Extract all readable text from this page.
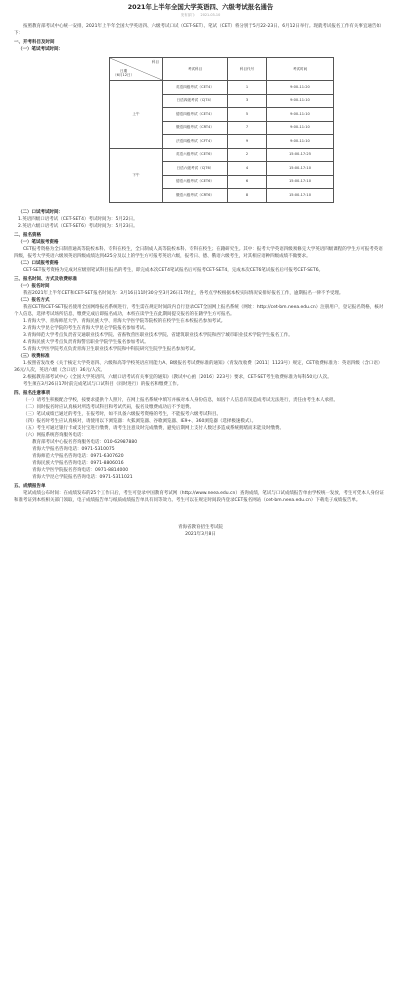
2021年上半年全国大学英语四、六级考试报名通告
发布部门: 2021-03-10

按照教育部考试中心统一安排，2021年上半年全国大学英语四、六级考试口试（CET-SET）、笔试（CET）将分别于5月22-23日、6月12日举行。现就考试报名工作有关事宜通告如下：

一、开考科目及时间

（一）笔试考试时间：

科目
日期
（6月12日）	考试科目	科目代号	考试时间
上午	英语四级考试（CET4）	1	9:00-11:20
	日语四级考试（CJT4）	3	9:00-11:10
	德语四级考试（CET4）	5	9:00-11:10
	俄语四级考试（CRT4）	7	9:00-11:10
	法语四级考试（CFT4）	9	9:00-11:10
下午	英语六级考试（CET6）	2	15:00-17:25
	日语六级考试（CJT6）	4	15:00-17:10
	德语六级考试（CET6）	6	15:00-17:10
	俄语六级考试（CRT6）	8	15:00-17:10

（二）口试考试时间：

1.英语四级口语考试（CET-SET4）考试时间为：5月22日。

2.英语六级口语考试（CET-SET6）考试时间为：5月23日。

二、报名资格

（一）笔试报考资格

CET报考资格为全日制普通高等院校本科、专科在校生，全日制成人高等院校本科、专科在校生；在籍研究生。其中：报考大学英语四级须修完大学英语四级课程的学生方可报考英语四级，报考大学英语六级须英语四级成绩达到425分及以上的学生方可报考英语六级，报考日、德、俄语六级考生，对其相应语种四级成绩不做要求。

（二）口试报考资格

CET-SET报考资格为完成对应级别笔试科目报名的考生，即完成本次CET4笔试报名后可报考CET-SET4，完成本次CET6笔试报名后可报考CET-SET6。

三、报名时间、方式及收费标准

（一）报名时间

我省2021年上半年CET和CET-SET报名时间为：3月16日11时30分至3月26日17时止，各考点学校根据本校实际情况安排好报名工作，逾期报名一律不予受理。

（二）报名方式

我省CET和CET-SET报名使用全国网络报名系统进行，考生需在规定时间段内自行登录CET全国网上报名系统（网址：http://cet-bm.neea.edu.cn）注册用户，登记报名资格，核对个人信息，选择考试场所信息，缴费完成后即报名成功，本校在读学生在此期间提交报名的在籍学生方可报名。

1.青海大学、青海师范大学、青海民族大学、青海大学医学院等院校的在校学生在本校报名参加考试。

2.青海大学昆仑学院的考生在青海大学昆仑学院报名参加考试。

3.青海师范大学考点负责省交通职业技术学院、省畜牧兽医职业技术学院、省建筑职业技术学院和西宁城市职业技术学院学生报名工作。

4.青海民族大学考点负责青海警官职业学院学生报名参加考试。

5.青海大学医学院考点负责青海卫生职业技术学院和中科院研究生院学生报名参加考试。

（三）收费标准

1.按照省发改委《关于核定大学英语四、六级和高等学校英语应用能力A、B级报名考试费标准的通知》（青发改收费〔2011〕1123号）规定，CET收费标准为：英语四级（含口语）36元/人次，英语六级（含口语）36元/人次。

2.根据教育部考试中心《全国大学英语四、六级口语考试有关事宜的通知》（教试中心函〔2016〕223号）要求，CET-SET考生收费标准为每科50元/人次。

考生须在3月26日17时前完成笔试与口试科目（同时进行）的报名和缴费工作。

四、报名注意事项

（一）请考生积极配合学校，按要求提供个人照片，在网上报名系统中填写并核对本人身份信息，如因个人信息有误造成考试无法进行，责任由考生本人承担。

（二）同时报名时应认真核对所选考试科目和考试代码，报名及缴费成功后不予退费。

（三）笔试成绩已通过的考生，在报考时，如不具备六级报考资格的考生，不能报考六级考试科目。

（四）报名时考生应认真核对，请使用以下浏览器：火狐浏览器、谷歌浏览器、IE9+、360浏览器（选择极速模式）。

（五）考生可通过银行卡或支付宝进行缴费，请考生注意及时完成缴费，避免后期网上支付人数过多造成系统拥堵而未能及时缴费。

（六）网报系统咨询服务电话：

教育部考试中心报名咨询服务电话：010-62987880

青海大学报名咨询电话：0971-5310075

青海师范大学报名咨询电话：0971-6307620

青海民族大学报名咨询电话：0971-8806016

青海大学医学院报名咨询电话：0971-8814000

青海大学昆仑学院报名咨询电话：0971-5311021

五、成绩报告单

笔试成绩公布时间：在成绩发布的25个工作日后，考生可登录中国教育考试网（http://www.neea.edu.cn）查询成绩，笔试与口试成绩报告单由学校统一发放，考生可凭本人身份证和准考证到本校相关部门领取，电子成绩报告单与纸质成绩报告单具有同等效力。考生可以在规定时间段内登录CET报名网站（cet-bm.neea.edu.cn）下载电子成绩报告单。

青海省教育招生考试院

2021年3月8日
